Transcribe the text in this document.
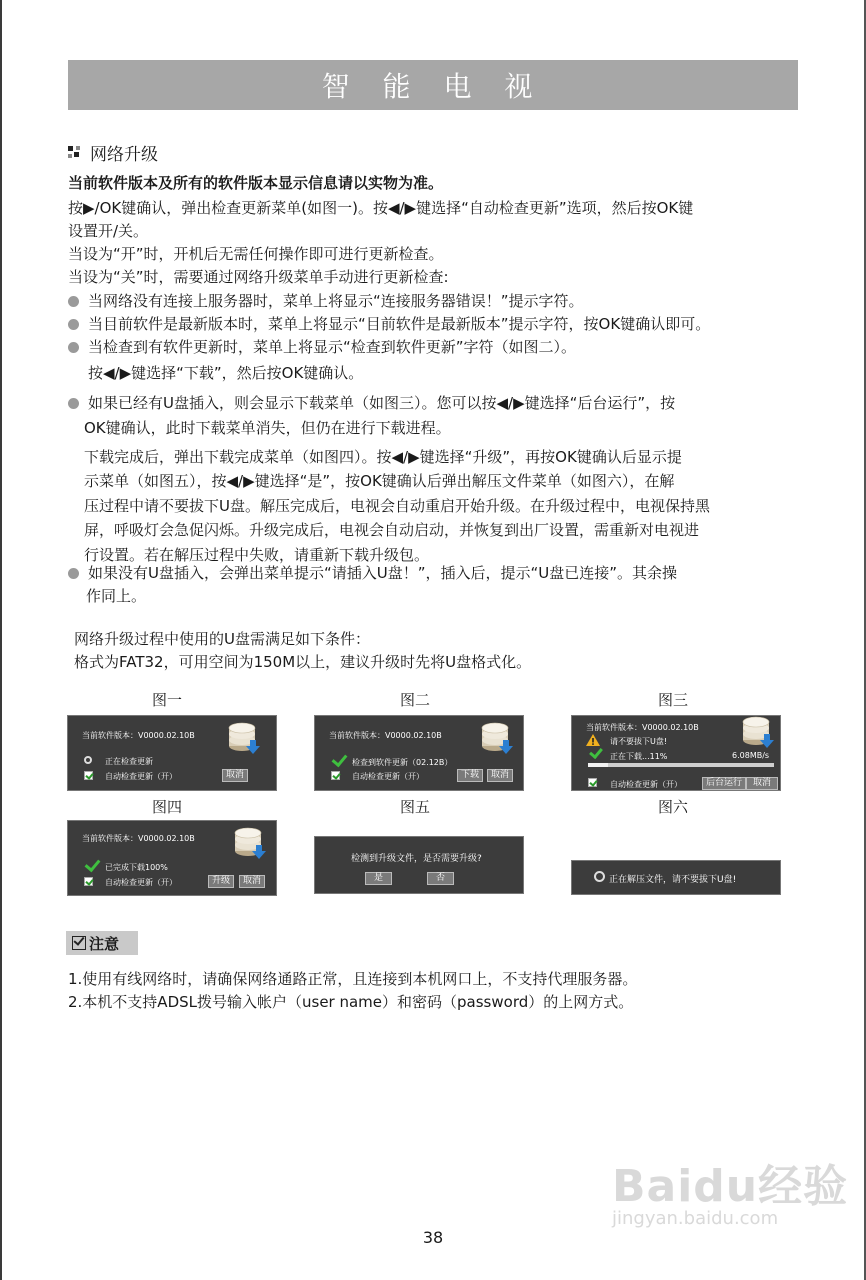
智 能 电 视
网络升级
当前软件版本及所有的软件版本显示信息请以实物为准。
按▶/OK键确认，弹出检查更新菜单(如图一)。按◀/▶键选择“自动检查更新”选项，然后按OK键
设置开/关。
当设为“开”时，开机后无需任何操作即可进行更新检查。
当设为“关”时，需要通过网络升级菜单手动进行更新检查:
当网络没有连接上服务器时，菜单上将显示“连接服务器错误！”提示字符。
当目前软件是最新版本时，菜单上将显示“目前软件是最新版本”提示字符，按OK键确认即可。
当检查到有软件更新时，菜单上将显示“检查到软件更新”字符（如图二）。
按◀/▶键选择“下载”，然后按OK键确认。
如果已经有U盘插入，则会显示下载菜单（如图三）。您可以按◀/▶键选择“后台运行”，按
OK键确认，此时下载菜单消失，但仍在进行下载进程。
下载完成后，弹出下载完成菜单（如图四）。按◀/▶键选择“升级”，再按OK键确认后显示提
示菜单（如图五），按◀/▶键选择“是”，按OK键确认后弹出解压文件菜单（如图六），在解
压过程中请不要拔下U盘。解压完成后，电视会自动重启开始升级。在升级过程中，电视保持黑
屏，呼吸灯会急促闪烁。升级完成后，电视会自动启动，并恢复到出厂设置，需重新对电视进
行设置。若在解压过程中失败，请重新下载升级包。
如果没有U盘插入，会弹出菜单提示“请插入U盘！”，插入后，提示“U盘已连接”。其余操
作同上。
网络升级过程中使用的U盘需满足如下条件：
格式为FAT32，可用空间为150M以上，建议升级时先将U盘格式化。
图一	图二	图三
图四	图五	图六
当前软件版本：V0000.02.10B
正在检查更新
自动检查更新（开）	取消
当前软件版本：V0000.02.10B
检查到软件更新（02.12B）
自动检查更新（开）	下载	取消
当前软件版本：V0000.02.10B
请不要拔下U盘!
正在下载...11%	6.08MB/s
自动检查更新（开）	后台运行	取消
当前软件版本：V0000.02.10B
已完成下载100%
自动检查更新（开）	升级	取消
检测到升级文件，是否需要升级?
是	否	正在解压文件，请不要拔下U盘!
注意
1.使用有线网络时，请确保网络通路正常，且连接到本机网口上，不支持代理服务器。
2.本机不支持ADSL拨号输入帐户（user name）和密码（password）的上网方式。
Baidu经验
jingyan.baidu.com
38
